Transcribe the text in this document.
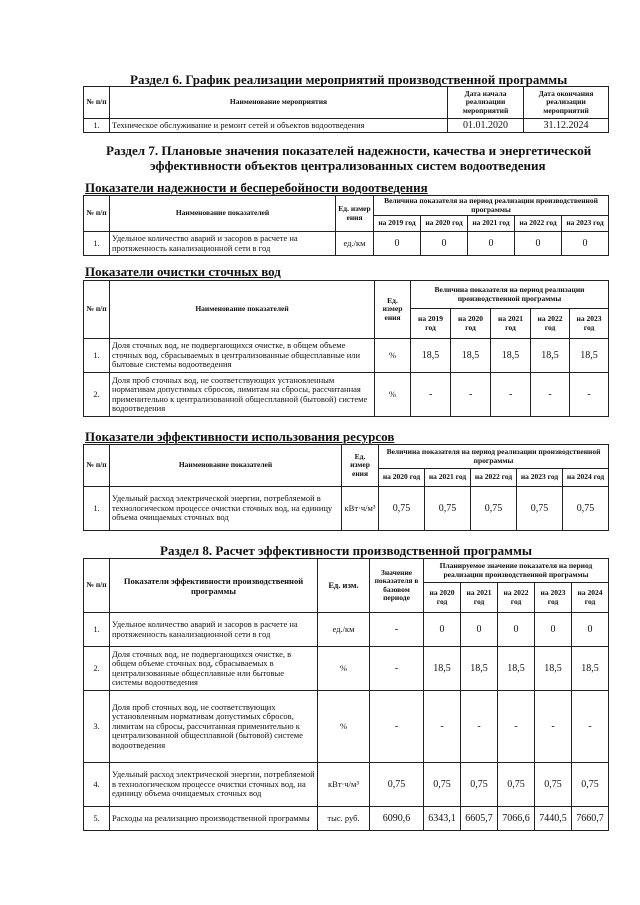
Раздел 6. График реализации мероприятий производственной программы
№ п/п	Наименование мероприятия	Дата начала реализации мероприятий	Дата окончания реализации мероприятий
1.	Техническое обслуживание и ремонт сетей и объектов водоотведения	01.01.2020	31.12.2024
Раздел 7. Плановые значения показателей надежности, качества и энергетической
эффективности объектов централизованных систем водоотведения
Показатели надежности и бесперебойности водоотведения
№ п/п	Наименование показателей	Ед. измер ения	Величина показателя на период реализации производственной программы				
			на 2019 год	на 2020 год	на 2021 год	на 2022 год	на 2023 год
1.	Удельное количество аварий и засоров в расчете на протяженность канализационной сети в год	ед./км	0	0	0	0	0
Показатели очистки сточных вод
№ п/п	Наименование показателей	Ед. измер ения	Величина показателя на период реализации производственной программы				
			на 2019 год	на 2020 год	на 2021 год	на 2022 год	на 2023 год
1.	Доля сточных вод, не подвергающихся очистке, в общем объеме сточных вод, сбрасываемых в централизованные общесплавные или бытовые системы водоотведения	%	18,5	18,5	18,5	18,5	18,5
2.	Доля проб сточных вод, не соответствующих установленным нормативам допустимых сбросов, лимитам на сбросы, рассчитанная применительно к централизованной общесплавной (бытовой) системе водоотведения	%	-	-	-	-	-
Показатели эффективности использования ресурсов
№ п/п	Наименование показателей	Ед. измер ения	Величина показателя на период реализации производственной программы				
			на 2020 год	на 2021 год	на 2022 год	на 2023 год	на 2024 год
1.	Удельный расход электрической энергии, потребляемой в технологическом процессе очистки сточных вод, на единицу объема очищаемых сточных вод	кВт·ч/м³	0,75	0,75	0,75	0,75	0,75
Раздел 8. Расчет эффективности производственной программы
№ п/п	Показатели эффективности производственной программы	Ед. изм.	Значение показателя в базовом периоде	Планируемое значение показателя на период реализации производственной программы				
				на 2020 год	на 2021 год	на 2022 год	на 2023 год	на 2024 год
1.	Удельное количество аварий и засоров в расчете на протяженность канализационной сети в год	ед./км	-	0	0	0	0	0
2.	Доля сточных вод, не подвергающихся очистке, в общем объеме сточных вод, сбрасываемых в централизованные общесплавные или бытовые системы водоотведения	%	-	18,5	18,5	18,5	18,5	18,5
3.	Доля проб сточных вод, не соответствующих установленным нормативам допустимых сбросов, лимитам на сбросы, рассчитанная применительно к централизованной общесплавной (бытовой) системе водоотведения	%	-	-	-	-	-	-
4.	Удельный расход электрической энергии, потребляемой в технологическом процессе очистки сточных вод, на единицу объема очищаемых сточных вод	кВт·ч/м³	0,75	0,75	0,75	0,75	0,75	0,75
5.	Расходы на реализацию производственной программы	тыс. руб.	6090,6	6343,1	6605,7	7066,6	7440,5	7660,7
